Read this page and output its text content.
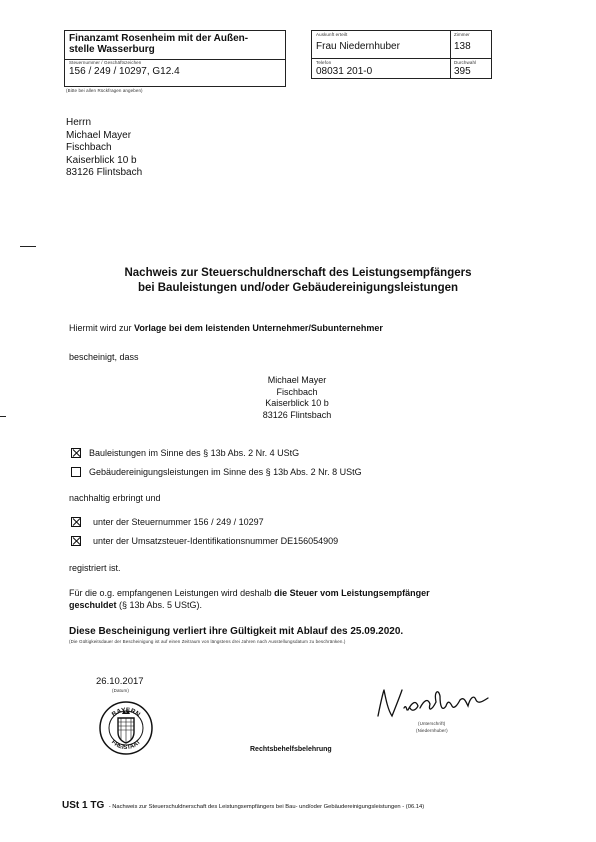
Finanzamt Rosenheim mit der Außen-
stelle Wasserburg
Steuernummer / Geschäftszeichen
156 / 249 / 10297, G12.4
(Bitte bei allen Rückfragen angeben)
Auskunft erteilt
Frau Niedernhuber
Zimmer
138
Telefon
08031 201-0
Durchwahl
395
Herrn
Michael Mayer
Fischbach
Kaiserblick 10 b
83126 Flintsbach
Nachweis zur Steuerschuldnerschaft des Leistungsempfängers
bei Bauleistungen und/oder Gebäudereinigungsleistungen
Hiermit wird zur Vorlage bei dem leistenden Unternehmer/Subunternehmer
bescheinigt, dass
Michael Mayer
Fischbach
Kaiserblick 10 b
83126 Flintsbach
Bauleistungen im Sinne des § 13b Abs. 2 Nr. 4 UStG
Gebäudereinigungsleistungen im Sinne des § 13b Abs. 2 Nr. 8 UStG
nachhaltig erbringt und
unter der Steuernummer 156 / 249 / 10297
unter der Umsatzsteuer-Identifikationsnummer DE156054909
registriert ist.
Für die o.g. empfangenen Leistungen wird deshalb die Steuer vom Leistungsempfänger
geschuldet (§ 13b Abs. 5 UStG).
Diese Bescheinigung verliert ihre Gültigkeit mit Ablauf des 25.09.2020.
(Die Gültigkeitsdauer der Bescheinigung ist auf einen Zeitraum von längstens drei Jahren nach Ausstellungsdatum zu beschränken.)
26.10.2017
(Datum)
BAYERN
FREISTAAT
(Unterschrift)
(Niedernhuber)
Rechtsbehelfsbelehrung
USt 1 TG - Nachweis zur Steuerschuldnerschaft des Leistungsempfängers bei Bau- und/oder Gebäudereinigungsleistungen - (06.14)
